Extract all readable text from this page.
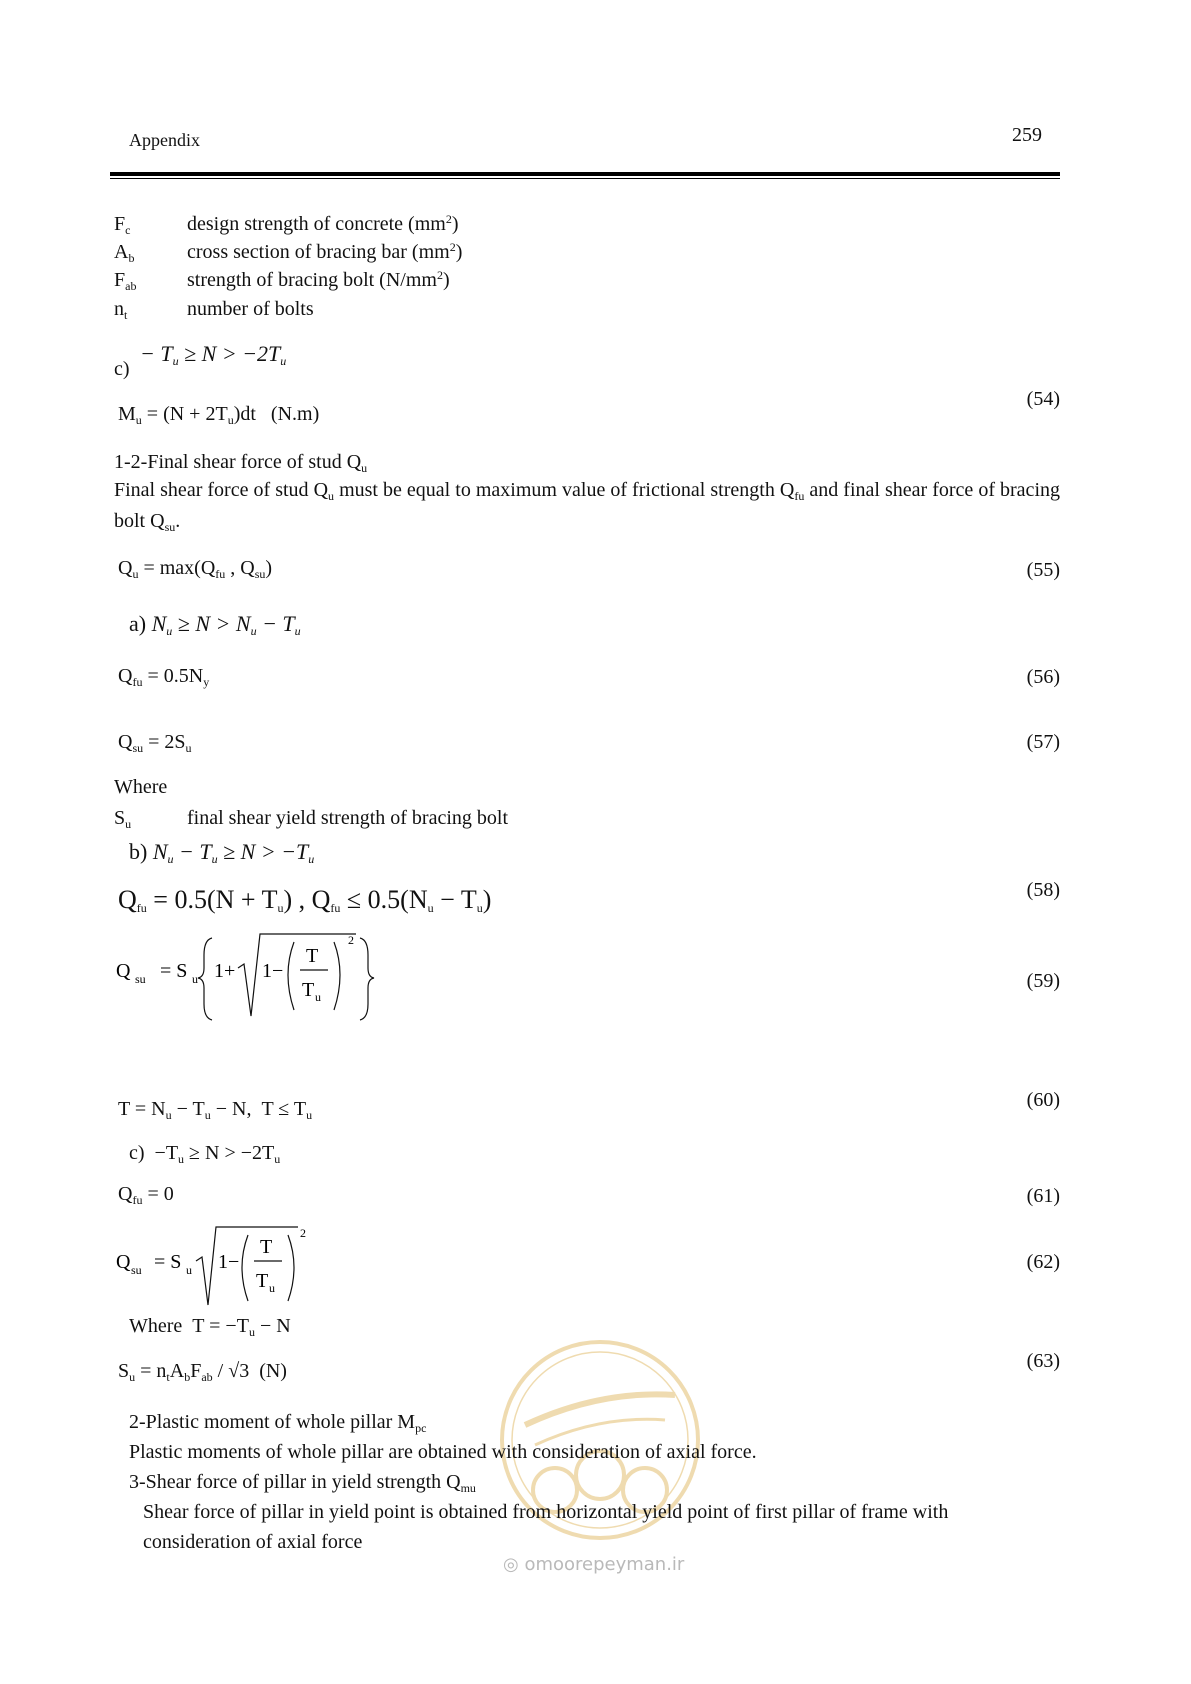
Appendix	259
$F_c$	design strength of concrete $(mm^2)$
$A_b$	cross section of bracing bar $(mm^2)$
$F_{ab}$	strength of bracing bolt $(N/mm^2)$
$n_t$	number of bolts
− $T_u \ge N > -2T_u$
c)
$M_u = (N + 2T_u)dt$   (N.m)
(54)
1-2-Final shear force of stud $Q_u$
Final shear force of stud $Q_u$ must be equal to maximum value of frictional strength $Q_{fu}$ and final shear force of bracing bolt $Q_{su}$.
$Q_u = \max(Q_{fu}$ , $Q_{su}$)	(55)
a) $N_u \ge N > N_u - T_u$
$Q_{fu} = 0.5N_y$	(56)
$Q_{su} = 2S_u$	(57)
Where
$S_u$	final shear yield strength of bracing bolt
b) $N_u - T_u \ge N > -T_u$
$Q_{fu} = 0.5(N + T_u)$ , $Q_{fu} \le 0.5(N_u - T_u)$	(58)
Q su = S u 1+ 1−
T
T u
2
(59)
$T = N_u - T_u - N$,  $T \le T_u$
(60)
$c) -T_u \ge N > -2T_u$
$Q_{fu} = 0$	(61)
Q su = S u 1−
T
T u
2
(62)
Where  $T = -T_u - N$
$S_u = n_tA_bF_{ab} / √3$  (N)	(63)
2-Plastic moment of whole pillar $M_{pc}$
Plastic moments of whole pillar are obtained with consideration of axial force.
3-Shear force of pillar in yield strength $Q_{mu}$
Shear force of pillar in yield point is obtained from horizontal yield point of first pillar of frame with
consideration of axial force
◎ omoorepeyman.ir
